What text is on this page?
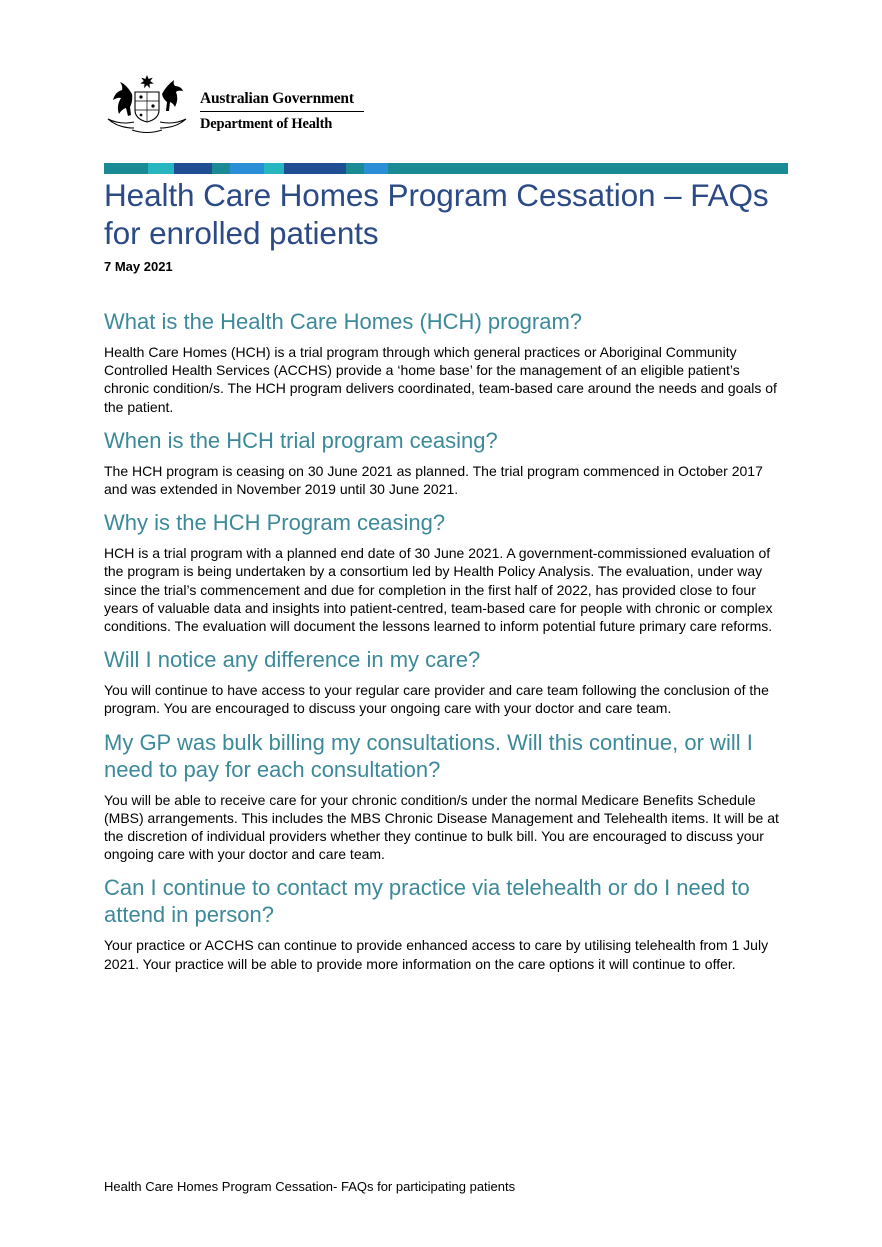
Australian Government
Department of Health
Health Care Homes Program Cessation – FAQs for enrolled patients
7 May 2021
What is the Health Care Homes (HCH) program?

Health Care Homes (HCH) is a trial program through which general practices or Aboriginal Community Controlled Health Services (ACCHS) provide a ‘home base’ for the management of an eligible patient’s chronic condition/s. The HCH program delivers coordinated, team-based care around the needs and goals of the patient.

When is the HCH trial program ceasing?

The HCH program is ceasing on 30 June 2021 as planned. The trial program commenced in October 2017 and was extended in November 2019 until 30 June 2021.

Why is the HCH Program ceasing?

HCH is a trial program with a planned end date of 30 June 2021. A government-commissioned evaluation of the program is being undertaken by a consortium led by Health Policy Analysis. The evaluation, under way since the trial’s commencement and due for completion in the first half of 2022, has provided close to four years of valuable data and insights into patient-centred, team-based care for people with chronic or complex conditions. The evaluation will document the lessons learned to inform potential future primary care reforms.

Will I notice any difference in my care?

You will continue to have access to your regular care provider and care team following the conclusion of the program. You are encouraged to discuss your ongoing care with your doctor and care team.

My GP was bulk billing my consultations. Will this continue, or will I need to pay for each consultation?

You will be able to receive care for your chronic condition/s under the normal Medicare Benefits Schedule (MBS) arrangements. This includes the MBS Chronic Disease Management and Telehealth items. It will be at the discretion of individual providers whether they continue to bulk bill. You are encouraged to discuss your ongoing care with your doctor and care team.

Can I continue to contact my practice via telehealth or do I need to attend in person?

Your practice or ACCHS can continue to provide enhanced access to care by utilising telehealth from 1 July 2021. Your practice will be able to provide more information on the care options it will continue to offer.

Health Care Homes Program Cessation- FAQs for participating patients
